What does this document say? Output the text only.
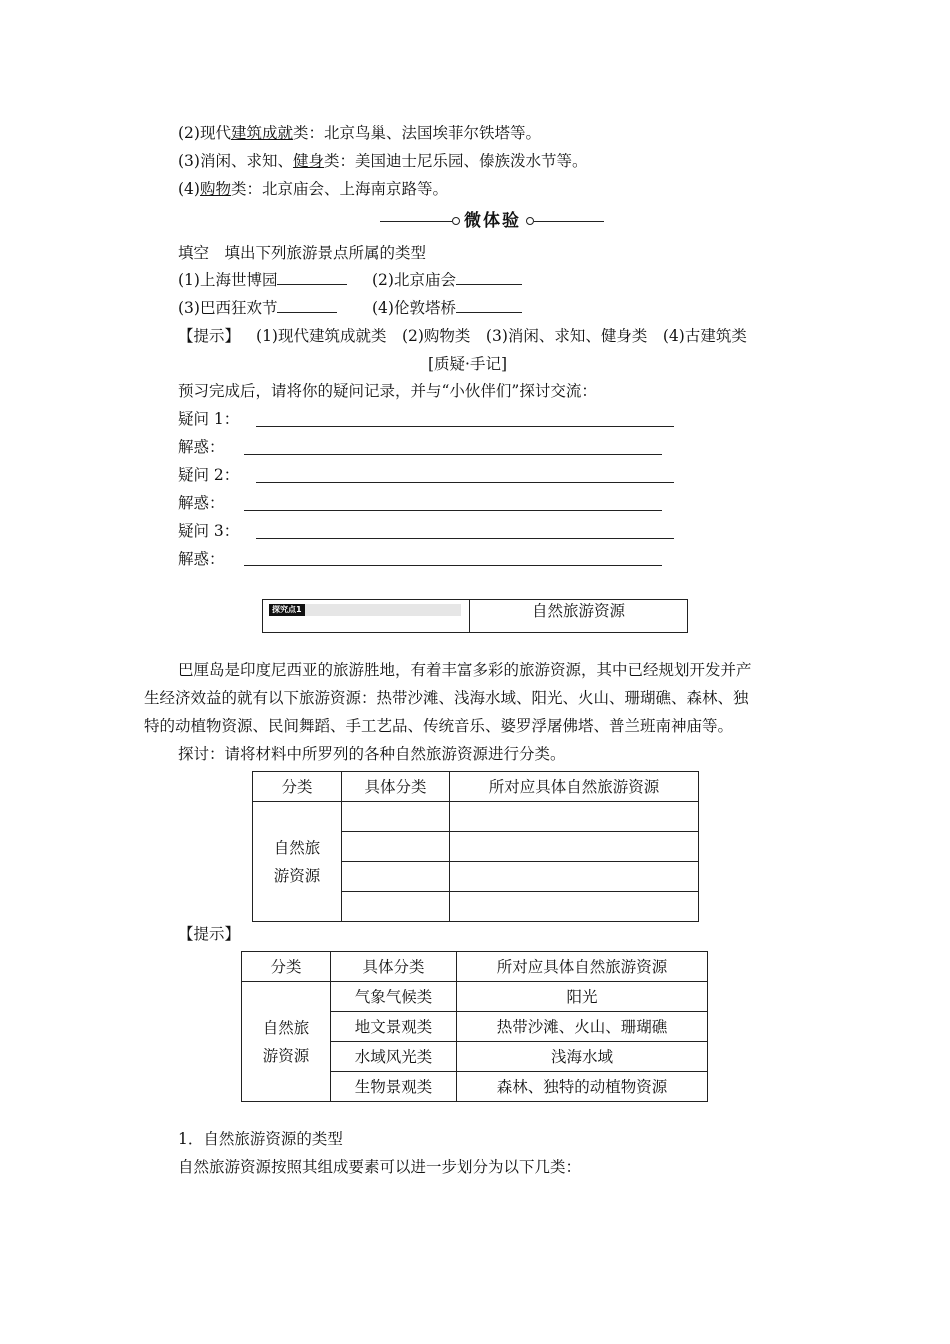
(2)现代建筑成就类：北京鸟巢、法国埃菲尔铁塔等。
(3)消闲、求知、健身类：美国迪士尼乐园、傣族泼水节等。
(4)购物类：北京庙会、上海南京路等。
微体验
填空　填出下列旅游景点所属的类型
(1)上海世博园	(2)北京庙会
(3)巴西狂欢节	(4)伦敦塔桥
【提示】 (1)现代建筑成就类　(2)购物类　(3)消闲、求知、健身类　(4)古建筑类
[质疑·手记]
预习完成后，请将你的疑问记录，并与“小伙伴们”探讨交流：
疑问 1：
解惑：
疑问 2：
解惑：
疑问 3：
解惑：
探究点1	自然旅游资源
巴厘岛是印度尼西亚的旅游胜地，有着丰富多彩的旅游资源，其中已经规划开发并产
生经济效益的就有以下旅游资源：热带沙滩、浅海水域、阳光、火山、珊瑚礁、森林、独
特的动植物资源、民间舞蹈、手工艺品、传统音乐、婆罗浮屠佛塔、普兰班南神庙等。
探讨：请将材料中所罗列的各种自然旅游资源进行分类。
分类	具体分类	所对应具体自然旅游资源
自然旅
游资源		

【提示】
分类	具体分类	所对应具体自然旅游资源
自然旅
游资源	气象气候类	阳光
	地文景观类	热带沙滩、火山、珊瑚礁
	水域风光类	浅海水域
	生物景观类	森林、独特的动植物资源
1．自然旅游资源的类型
自然旅游资源按照其组成要素可以进一步划分为以下几类：
